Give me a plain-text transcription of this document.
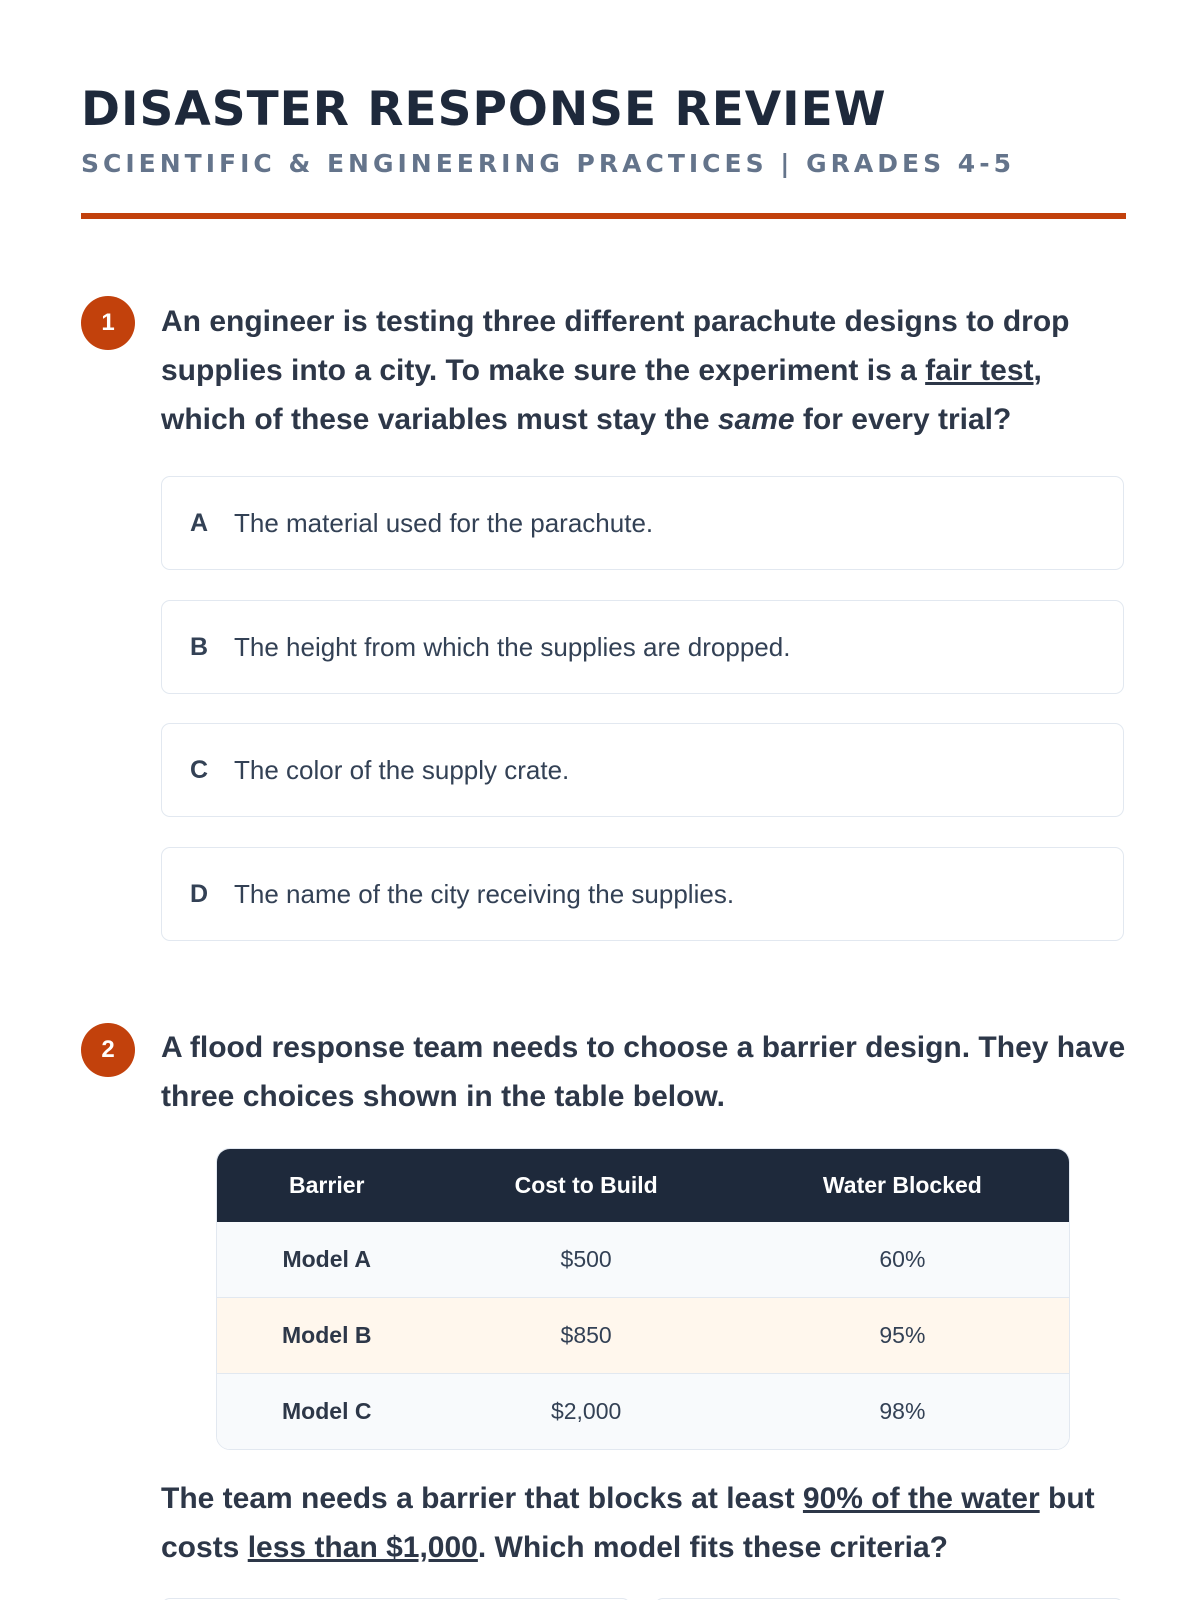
DISASTER RESPONSE REVIEW
SCIENTIFIC & ENGINEERING PRACTICES | GRADES 4-5
1	An engineer is testing three different parachute designs to drop supplies into a city. To make sure the experiment is a fair test, which of these variables must stay the same for every trial?
A The material used for the parachute.
B The height from which the supplies are dropped.
C The color of the supply crate.
D The name of the city receiving the supplies.
2	A flood response team needs to choose a barrier design. They have three choices shown in the table below.
Barrier	Cost to Build	Water Blocked
Model A	$500	60%
Model B	$850	95%
Model C	$2,000	98%
The team needs a barrier that blocks at least 90% of the water but costs less than $1,000. Which model fits these criteria?
